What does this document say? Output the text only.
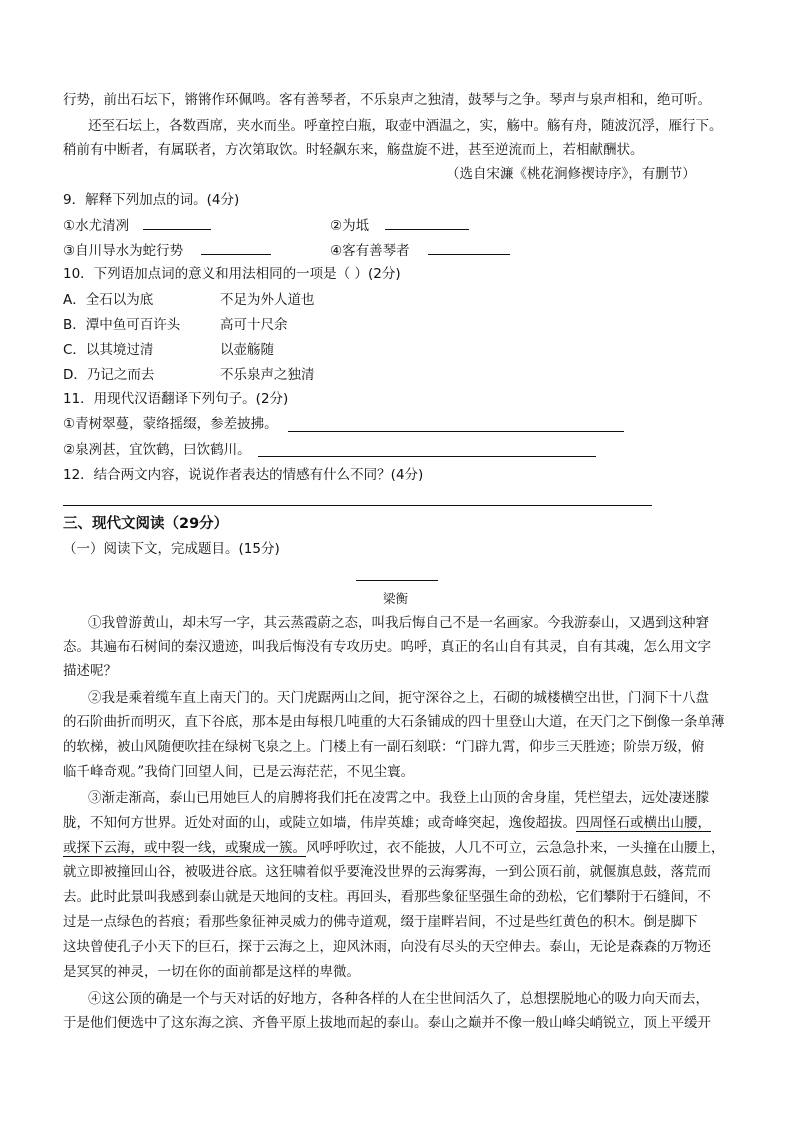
行势，前出石坛下，锵锵作环佩鸣。客有善琴者，不乐泉声之独清，鼓琴与之争。琴声与泉声相和，绝可听。
还至石坛上，各数酉席，夹水而坐。呼童控白瓶，取壶中酒温之，实，觞中。觞有舟，随波沉浮，雁行下。
稍前有中断者，有属联者，方次第取饮。时轻飙东来，觞盘旋不进，甚至逆流而上，若相献酬状。
（选自宋濂《桃花涧修禊诗序》，有删节）
9．解释下列加点的词。(4分)
①水尤清冽	②为坻
③自川导水为蛇行势	④客有善琴者
10．下列语加点词的意义和用法相同的一项是（ ）(2分)
A．全石以为底	不足为外人道也
B．潭中鱼可百许头	高可十尺余
C．以其境过清	以壶觞随
D．乃记之而去	不乐泉声之独清
11．用现代汉语翻译下列句子。(2分)
①青树翠蔓，蒙络摇缀，参差披拂。
②泉冽甚，宜饮鹤，曰饮鹤川。
12．结合两文内容，说说作者表达的情感有什么不同？(4分)
三、现代文阅读（29分）
（一）阅读下文，完成题目。(15分)
梁衡
①我曾游黄山，却未写一字，其云蒸霞蔚之态，叫我后悔自己不是一名画家。今我游泰山，又遇到这种窘
态。其遍布石树间的秦汉遗迹，叫我后悔没有专攻历史。呜呼，真正的名山自有其灵，自有其魂，怎么用文字
描述呢？
②我是乘着缆车直上南天门的。天门虎踞两山之间，扼守深谷之上，石砌的城楼横空出世，门洞下十八盘
的石阶曲折而明灭，直下谷底，那本是由每根几吨重的大石条铺成的四十里登山大道，在天门之下倒像一条单薄
的软梯，被山风随便吹挂在绿树飞泉之上。门楼上有一副石刻联：“门辟九霄，仰步三天胜迹；阶崇万级，俯
临千峰奇观。”我倚门回望人间，已是云海茫茫，不见尘寰。
③渐走渐高，泰山已用她巨人的肩膊将我们托在凌霄之中。我登上山顶的舍身崖，凭栏望去，远处凄迷朦
胧，不知何方世界。近处对面的山，或陡立如墙，伟岸英雄；或奇峰突起，逸俊超拔。四周怪石或横出山腰，
或探下云海，或中裂一线，或聚成一簇。风呼呼吹过，衣不能披，人几不可立，云急急扑来，一头撞在山腰上，
就立即被撞回山谷，被吸进谷底。这狂啸着似乎要淹没世界的云海雾海，一到公顶石前，就偃旗息鼓，落荒而
去。此时此景叫我感到泰山就是天地间的支柱。再回头，看那些象征坚强生命的劲松，它们攀附于石缝间，不
过是一点绿色的苔痕；看那些象征神灵威力的佛寺道观，缀于崖畔岩间，不过是些红黄色的积木。倒是脚下
这块曾使孔子小天下的巨石，探于云海之上，迎风沐雨，向没有尽头的天空伸去。泰山，无论是森森的万物还
是冥冥的神灵，一切在你的面前都是这样的卑微。
④这公顶的确是一个与天对话的好地方，各种各样的人在尘世间活久了，总想摆脱地心的吸力向天而去，
于是他们便选中了这东海之滨、齐鲁平原上拔地而起的泰山。泰山之巅并不像一般山峰尖峭锐立，顶上平缓开
